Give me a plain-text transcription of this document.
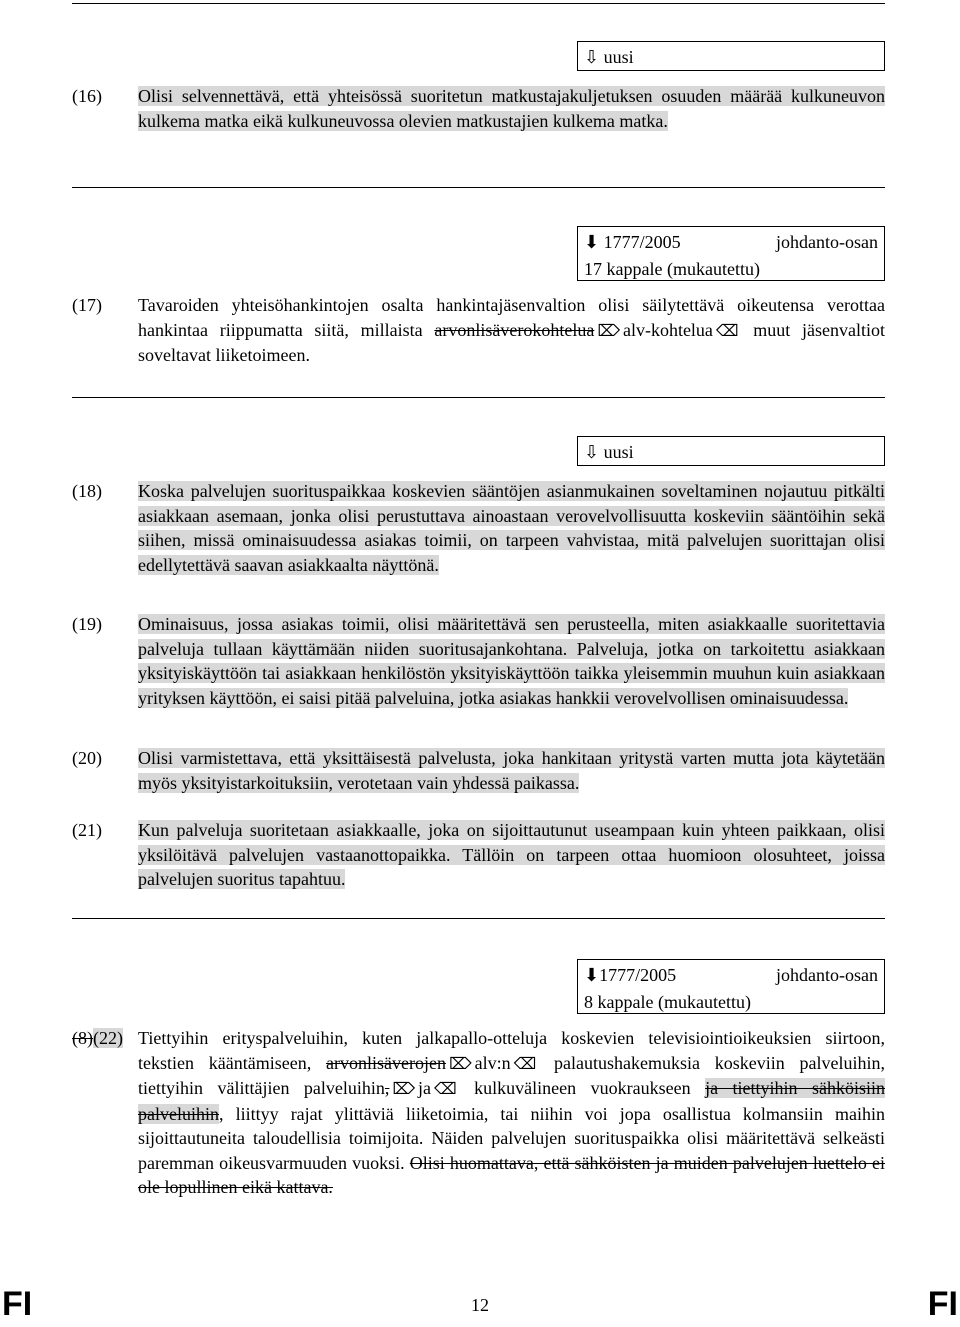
⇩ uusi
(16)	Olisi selvennettävä, että yhteisössä suoritetun matkustajakuljetuksen osuuden määrää kulkuneuvon kulkema matka eikä kulkuneuvossa olevien matkustajien kulkema matka.
⬇ 1777/2005	johdanto-osan
17 kappale (mukautettu)
(17)	Tavaroiden yhteisöhankintojen osalta hankintajäsenvaltion olisi säilytettävä oikeutensa verottaa hankintaa riippumatta siitä, millaista arvonlisäverokohtelua ⌦ alv-kohtelua ⌫ muut jäsenvaltiot soveltavat liiketoimeen.
⇩ uusi
(18)	Koska palvelujen suorituspaikkaa koskevien sääntöjen asianmukainen soveltaminen nojautuu pitkälti asiakkaan asemaan, jonka olisi perustuttava ainoastaan verovelvollisuutta koskeviin sääntöihin sekä siihen, missä ominaisuudessa asiakas toimii, on tarpeen vahvistaa, mitä palvelujen suorittajan olisi edellytettävä saavan asiakkaalta näyttönä.
(19)	Ominaisuus, jossa asiakas toimii, olisi määritettävä sen perusteella, miten asiakkaalle suoritettavia palveluja tullaan käyttämään niiden suoritusajankohtana. Palveluja, jotka on tarkoitettu asiakkaan yksityiskäyttöön tai asiakkaan henkilöstön yksityiskäyttöön taikka yleisemmin muuhun kuin asiakkaan yrityksen käyttöön, ei saisi pitää palveluina, jotka asiakas hankkii verovelvollisen ominaisuudessa.
(20)	Olisi varmistettava, että yksittäisestä palvelusta, joka hankitaan yritystä varten mutta jota käytetään myös yksityistarkoituksiin, verotetaan vain yhdessä paikassa.
(21)	Kun palveluja suoritetaan asiakkaalle, joka on sijoittautunut useampaan kuin yhteen paikkaan, olisi yksilöitävä palvelujen vastaanottopaikka. Tällöin on tarpeen ottaa huomioon olosuhteet, joissa palvelujen suoritus tapahtuu.
⬇1777/2005	johdanto-osan
8 kappale (mukautettu)
(8)(22) Tiettyihin erityspalveluihin, kuten jalkapallo-otteluja koskevien televisiointioikeuksien siirtoon, tekstien kääntämiseen, arvonlisäverojen ⌦ alv:n ⌫ palautushakemuksia koskeviin palveluihin, tiettyihin välittäjien palveluihin, ⌦ ja ⌫ kulkuvälineen vuokraukseen ja tiettyihin sähköisiin palveluihin, liittyy rajat ylittäviä liiketoimia, tai niihin voi jopa osallistua kolmansiin maihin sijoittautuneita taloudellisia toimijoita. Näiden palvelujen suorituspaikka olisi määritettävä selkeästi paremman oikeusvarmuuden vuoksi. Olisi huomattava, että sähköisten ja muiden palvelujen luettelo ei ole lopullinen eikä kattava.
FI	12	FI
